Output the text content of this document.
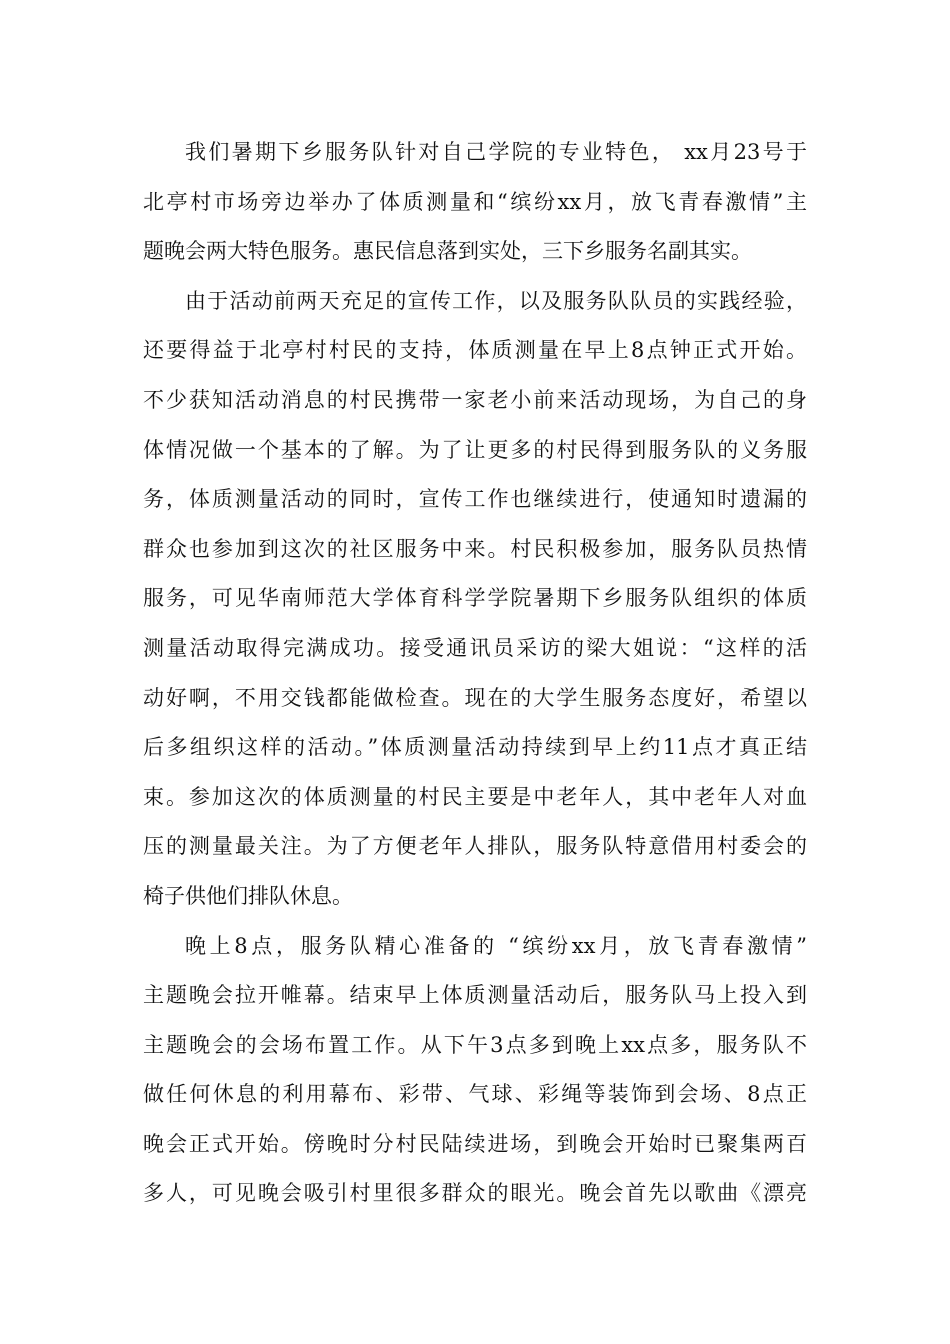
我们暑期下乡服务队针对自己学院的专业特色， xx月23号于
北亭村市场旁边举办了体质测量和“缤纷xx月，放飞青春激情”主
题晚会两大特色服务。惠民信息落到实处，三下乡服务名副其实。
由于活动前两天充足的宣传工作，以及服务队队员的实践经验，
还要得益于北亭村村民的支持，体质测量在早上8点钟正式开始。
不少获知活动消息的村民携带一家老小前来活动现场，为自己的身
体情况做一个基本的了解。为了让更多的村民得到服务队的义务服
务，体质测量活动的同时，宣传工作也继续进行，使通知时遗漏的
群众也参加到这次的社区服务中来。村民积极参加，服务队员热情
服务，可见华南师范大学体育科学学院暑期下乡服务队组织的体质
测量活动取得完满成功。接受通讯员采访的梁大姐说：“这样的活
动好啊，不用交钱都能做检查。现在的大学生服务态度好，希望以
后多组织这样的活动。”体质测量活动持续到早上约11点才真正结
束。参加这次的体质测量的村民主要是中老年人，其中老年人对血
压的测量最关注。为了方便老年人排队，服务队特意借用村委会的
椅子供他们排队休息。
晚上8点，服务队精心准备的 “缤纷xx月，放飞青春激情”
主题晚会拉开帷幕。结束早上体质测量活动后，服务队马上投入到
主题晚会的会场布置工作。从下午3点多到晚上xx点多，服务队不
做任何休息的利用幕布、彩带、气球、彩绳等装饰到会场、8点正
晚会正式开始。傍晚时分村民陆续进场，到晚会开始时已聚集两百
多人，可见晚会吸引村里很多群众的眼光。晚会首先以歌曲《漂亮
